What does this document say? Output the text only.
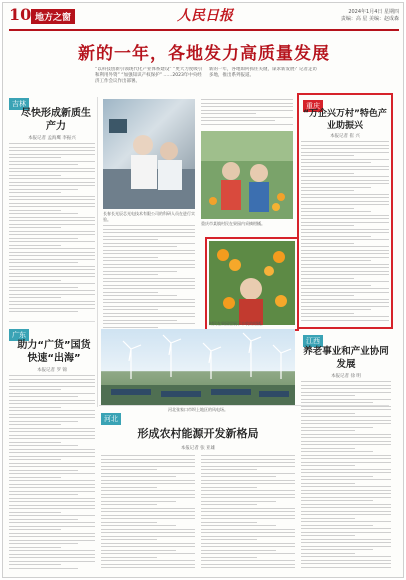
10 地方之窗	人民日报	2024年1月4日 星期四
责编：高 星 美编：赵成森
新的一年，各地发力高质量发展
“以科技创新引领现代化产业体系建设” “更大力度吸引和利用外资” “加强知识产权保护” ……2023年中央经济工作会议作出部署。
新的一年，各地如何抓住关键，谋求新发展？记者走访多地，推出系列报道。
吉林
尽快形成新质生产力
本报记者 孟海鹰 李振兴
广东
助力“广货”国货快速“出海”
本报记者 罗 锦
长春长光辰芯光电技术有限公司的科研人员在进行实验。
重庆市某镇村民在果园内采摘柑橘。
村民在果园里展示丰收的柑橘。
重庆
“万企兴万村”特色产业助振兴
本报记者 崔 兴
江西
养老事业和产业协同发展
本报记者 徐 明
河北张家口市坝上地区的风电场。
河北
形成农村能源开发新格局
本报记者 张 亚雄
